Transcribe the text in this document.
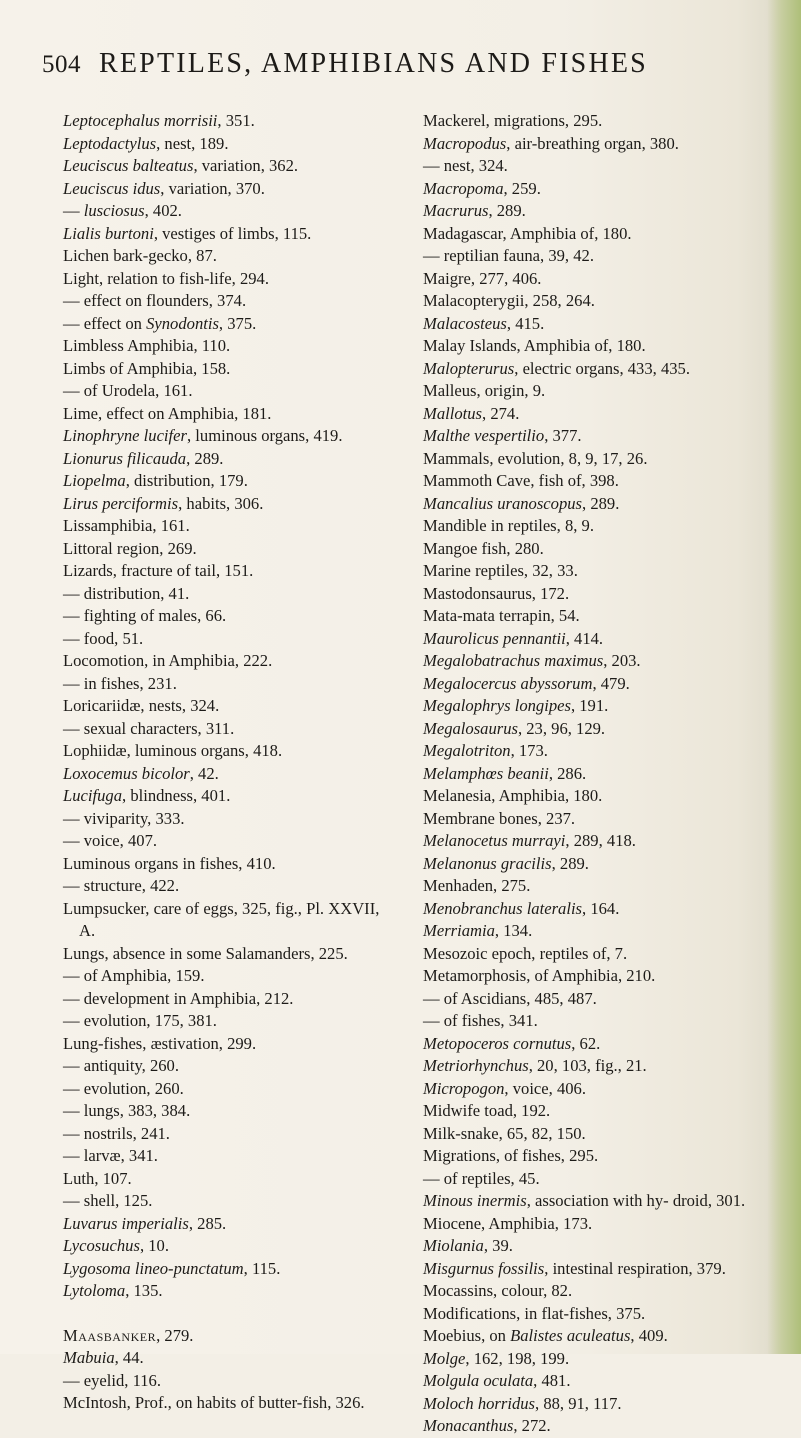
504 REPTILES, AMPHIBIANS AND FISHES
Leptocephalus morrisii, 351.
Leptodactylus, nest, 189.
Leuciscus balteatus, variation, 362.
Leuciscus idus, variation, 370.
— lusciosus, 402.
Lialis burtoni, vestiges of limbs, 115.
Lichen bark-gecko, 87.
Light, relation to fish-life, 294.
— effect on flounders, 374.
— effect on Synodontis, 375.
Limbless Amphibia, 110.
Limbs of Amphibia, 158.
— of Urodela, 161.
Lime, effect on Amphibia, 181.
Linophryne lucifer, luminous organs, 419.
Lionurus filicauda, 289.
Liopelma, distribution, 179.
Lirus perciformis, habits, 306.
Lissamphibia, 161.
Littoral region, 269.
Lizards, fracture of tail, 151.
— distribution, 41.
— fighting of males, 66.
— food, 51.
Locomotion, in Amphibia, 222.
— in fishes, 231.
Loricariidæ, nests, 324.
— sexual characters, 311.
Lophiidæ, luminous organs, 418.
Loxocemus bicolor, 42.
Lucifuga, blindness, 401.
— viviparity, 333.
— voice, 407.
Luminous organs in fishes, 410.
— structure, 422.
Lumpsucker, care of eggs, 325, fig., Pl. XXVII, A.
Lungs, absence in some Salamanders, 225.
— of Amphibia, 159.
— development in Amphibia, 212.
— evolution, 175, 381.
Lung-fishes, æstivation, 299.
— antiquity, 260.
— evolution, 260.
— lungs, 383, 384.
— nostrils, 241.
— larvæ, 341.
Luth, 107.
— shell, 125.
Luvarus imperialis, 285.
Lycosuchus, 10.
Lygosoma lineo-punctatum, 115.
Lytoloma, 135.
Maasbanker, 279.
Mabuia, 44.
— eyelid, 116.
McIntosh, Prof., on habits of butter-fish, 326.
Mackerel, migrations, 295.
Macropodus, air-breathing organ, 380.
— nest, 324.
Macropoma, 259.
Macrurus, 289.
Madagascar, Amphibia of, 180.
— reptilian fauna, 39, 42.
Maigre, 277, 406.
Malacopterygii, 258, 264.
Malacosteus, 415.
Malay Islands, Amphibia of, 180.
Malopterurus, electric organs, 433, 435.
Malleus, origin, 9.
Mallotus, 274.
Malthe vespertilio, 377.
Mammals, evolution, 8, 9, 17, 26.
Mammoth Cave, fish of, 398.
Mancalius uranoscopus, 289.
Mandible in reptiles, 8, 9.
Mangoe fish, 280.
Marine reptiles, 32, 33.
Mastodonsaurus, 172.
Mata-mata terrapin, 54.
Maurolicus pennantii, 414.
Megalobatrachus maximus, 203.
Megalocercus abyssorum, 479.
Megalophrys longipes, 191.
Megalosaurus, 23, 96, 129.
Megalotriton, 173.
Melamphœs beanii, 286.
Melanesia, Amphibia, 180.
Membrane bones, 237.
Melanocetus murrayi, 289, 418.
Melanonus gracilis, 289.
Menhaden, 275.
Menobranchus lateralis, 164.
Merriamia, 134.
Mesozoic epoch, reptiles of, 7.
Metamorphosis, of Amphibia, 210.
— of Ascidians, 485, 487.
— of fishes, 341.
Metopoceros cornutus, 62.
Metriorhynchus, 20, 103, fig., 21.
Micropogon, voice, 406.
Midwife toad, 192.
Milk-snake, 65, 82, 150.
Migrations, of fishes, 295.
— of reptiles, 45.
Minous inermis, association with hy- droid, 301.
Miocene, Amphibia, 173.
Miolania, 39.
Misgurnus fossilis, intestinal respiration, 379.
Mocassins, colour, 82.
Modifications, in flat-fishes, 375.
Moebius, on Balistes aculeatus, 409.
Molge, 162, 198, 199.
Molgula oculata, 481.
Moloch horridus, 88, 91, 117.
Monacanthus, 272.
